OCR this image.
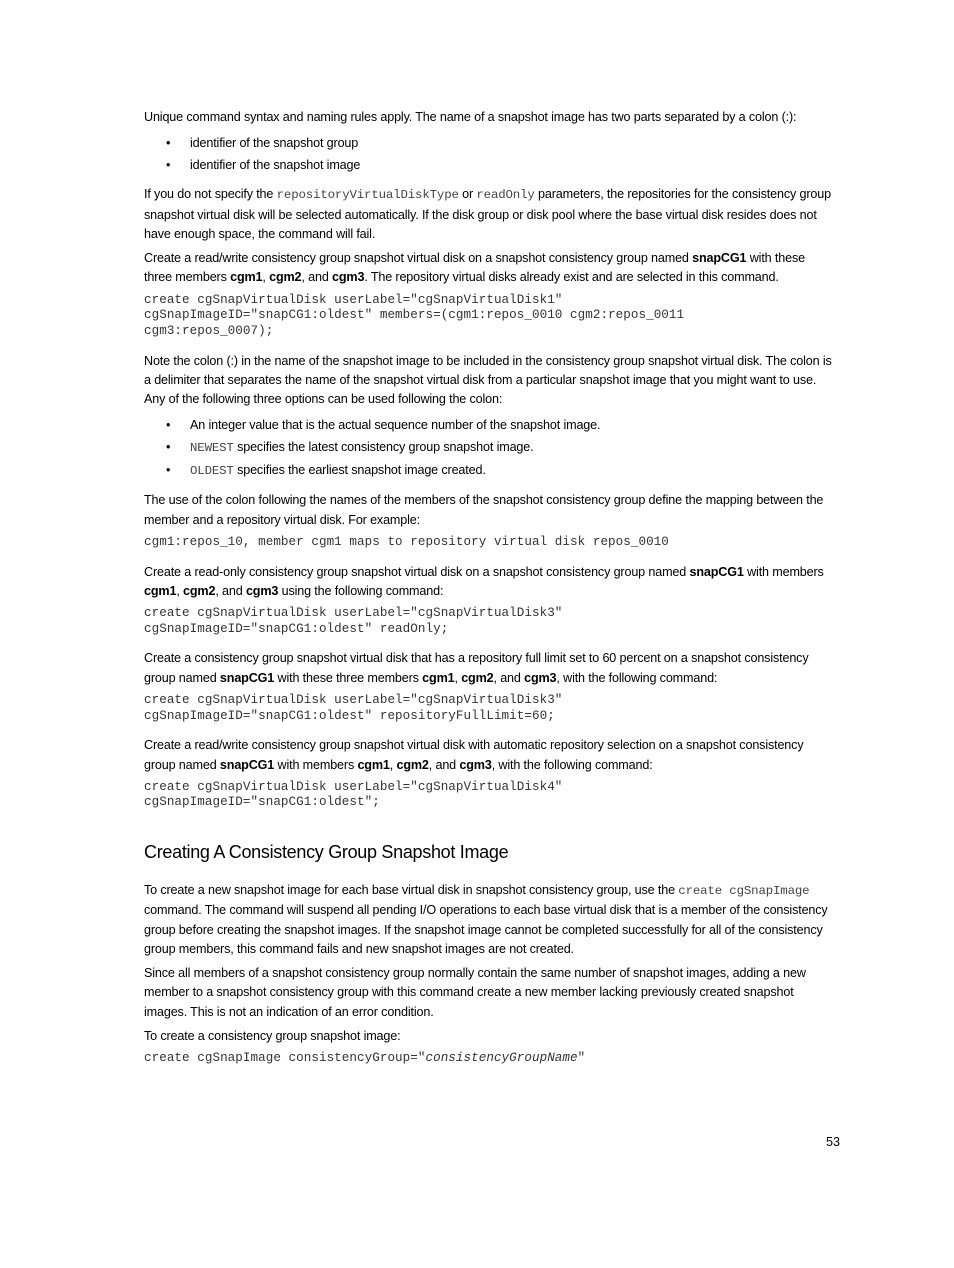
Unique command syntax and naming rules apply. The name of a snapshot image has two parts separated by a colon (:):

• identifier of the snapshot group
• identifier of the snapshot image

If you do not specify the repositoryVirtualDiskType or readOnly parameters, the repositories for the consistency group snapshot virtual disk will be selected automatically. If the disk group or disk pool where the base virtual disk resides does not have enough space, the command will fail.

Create a read/write consistency group snapshot virtual disk on a snapshot consistency group named snapCG1 with these three members cgm1, cgm2, and cgm3. The repository virtual disks already exist and are selected in this command.

create cgSnapVirtualDisk userLabel="cgSnapVirtualDisk1"
cgSnapImageID="snapCG1:oldest" members=(cgm1:repos_0010 cgm2:repos_0011
cgm3:repos_0007);

Note the colon (:) in the name of the snapshot image to be included in the consistency group snapshot virtual disk. The colon is a delimiter that separates the name of the snapshot virtual disk from a particular snapshot image that you might want to use. Any of the following three options can be used following the colon:

• An integer value that is the actual sequence number of the snapshot image.
• NEWEST specifies the latest consistency group snapshot image.
• OLDEST specifies the earliest snapshot image created.

The use of the colon following the names of the members of the snapshot consistency group define the mapping between the member and a repository virtual disk. For example:

cgm1:repos_10, member cgm1 maps to repository virtual disk repos_0010

Create a read-only consistency group snapshot virtual disk on a snapshot consistency group named snapCG1 with members cgm1, cgm2, and cgm3 using the following command:

create cgSnapVirtualDisk userLabel="cgSnapVirtualDisk3"
cgSnapImageID="snapCG1:oldest" readOnly;

Create a consistency group snapshot virtual disk that has a repository full limit set to 60 percent on a snapshot consistency group named snapCG1 with these three members cgm1, cgm2, and cgm3, with the following command:

create cgSnapVirtualDisk userLabel="cgSnapVirtualDisk3"
cgSnapImageID="snapCG1:oldest" repositoryFullLimit=60;

Create a read/write consistency group snapshot virtual disk with automatic repository selection on a snapshot consistency group named snapCG1 with members cgm1, cgm2, and cgm3, with the following command:

create cgSnapVirtualDisk userLabel="cgSnapVirtualDisk4"
cgSnapImageID="snapCG1:oldest";
Creating A Consistency Group Snapshot Image

To create a new snapshot image for each base virtual disk in snapshot consistency group, use the create cgSnapImage command. The command will suspend all pending I/O operations to each base virtual disk that is a member of the consistency group before creating the snapshot images. If the snapshot image cannot be completed successfully for all of the consistency group members, this command fails and new snapshot images are not created.

Since all members of a snapshot consistency group normally contain the same number of snapshot images, adding a new member to a snapshot consistency group with this command create a new member lacking previously created snapshot images. This is not an indication of an error condition.

To create a consistency group snapshot image:

create cgSnapImage consistencyGroup="consistencyGroupName"
53
